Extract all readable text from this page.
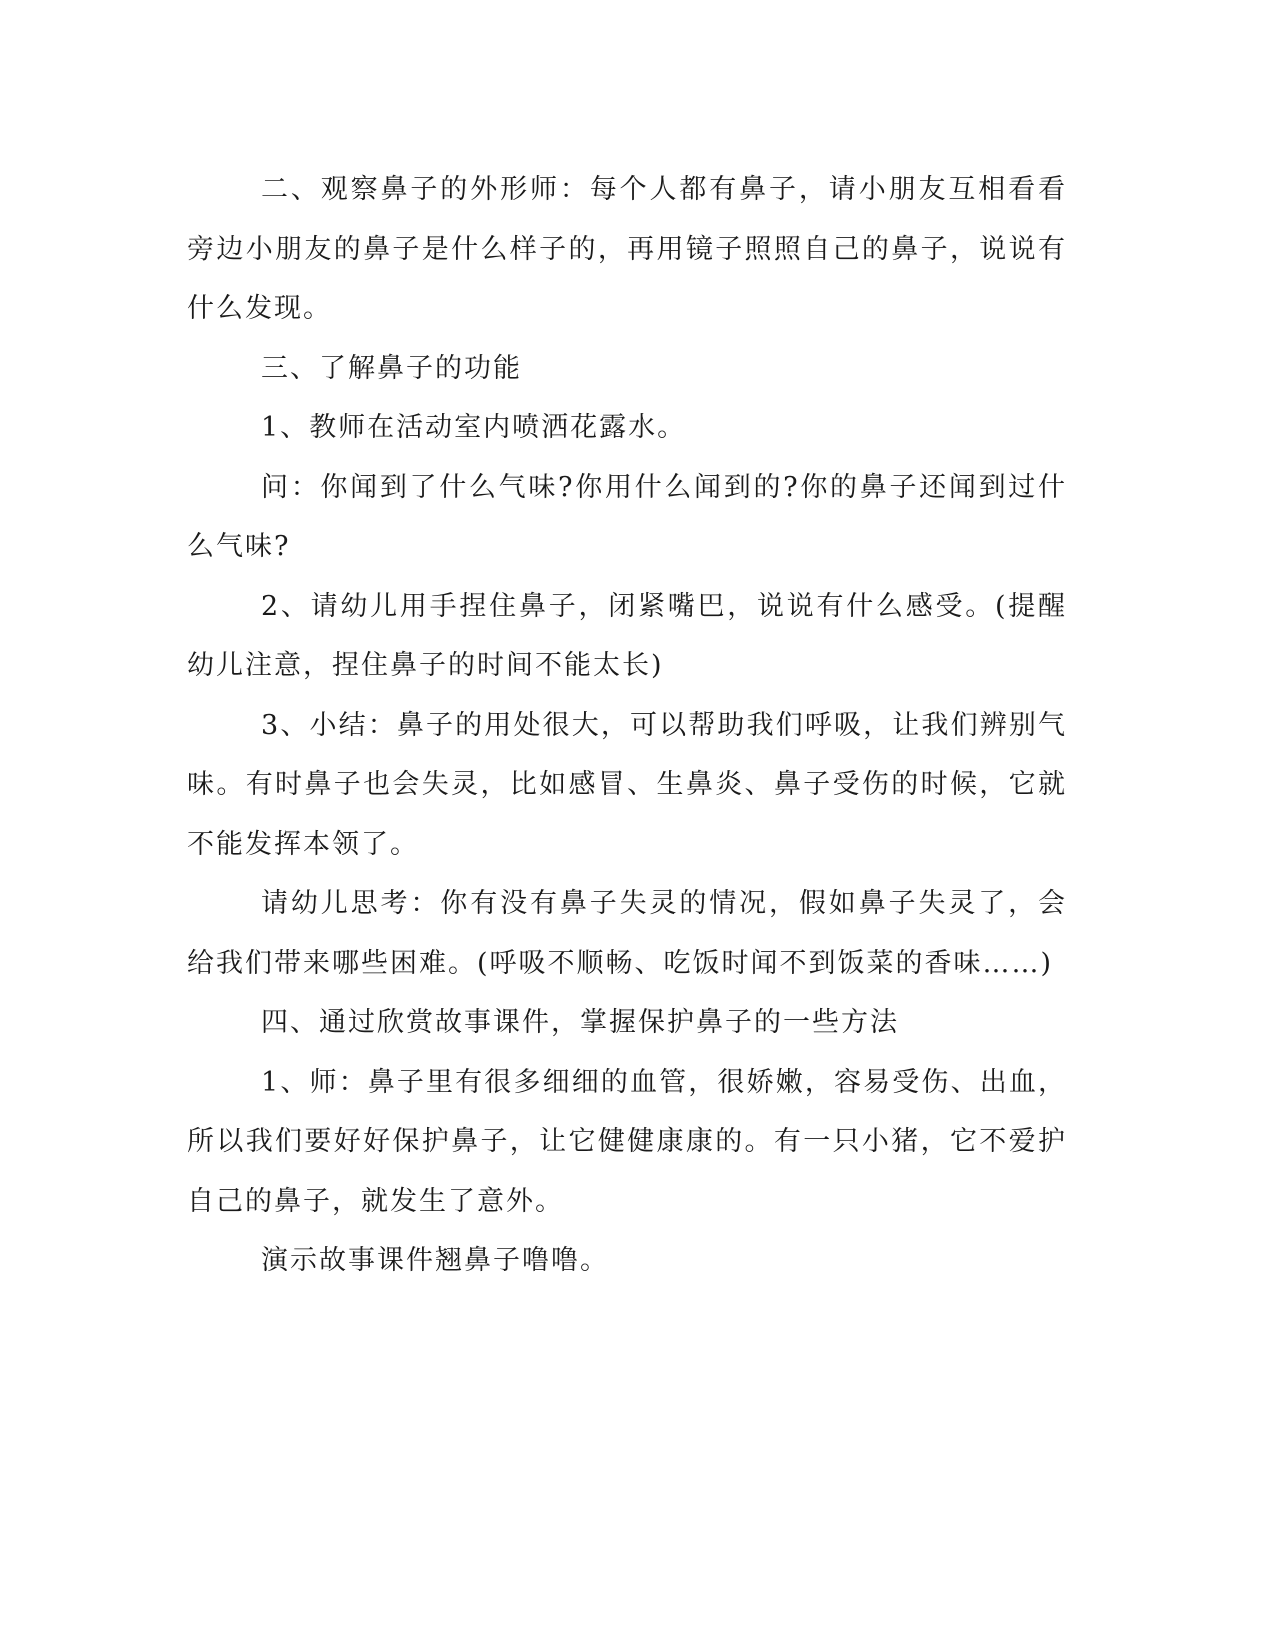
二、观察鼻子的外形师：每个人都有鼻子，请小朋友互相看看旁边小朋友的鼻子是什么样子的，再用镜子照照自己的鼻子，说说有什么发现。

三、了解鼻子的功能

1、教师在活动室内喷洒花露水。

问：你闻到了什么气味?你用什么闻到的?你的鼻子还闻到过什么气味?

2、请幼儿用手捏住鼻子，闭紧嘴巴，说说有什么感受。(提醒幼儿注意，捏住鼻子的时间不能太长)

3、小结：鼻子的用处很大，可以帮助我们呼吸，让我们辨别气味。有时鼻子也会失灵，比如感冒、生鼻炎、鼻子受伤的时候，它就不能发挥本领了。

请幼儿思考：你有没有鼻子失灵的情况，假如鼻子失灵了，会给我们带来哪些困难。(呼吸不顺畅、吃饭时闻不到饭菜的香味……)

四、通过欣赏故事课件，掌握保护鼻子的一些方法

1、师：鼻子里有很多细细的血管，很娇嫩，容易受伤、出血，所以我们要好好保护鼻子，让它健健康康的。有一只小猪，它不爱护自己的鼻子，就发生了意外。

演示故事课件翘鼻子噜噜。
